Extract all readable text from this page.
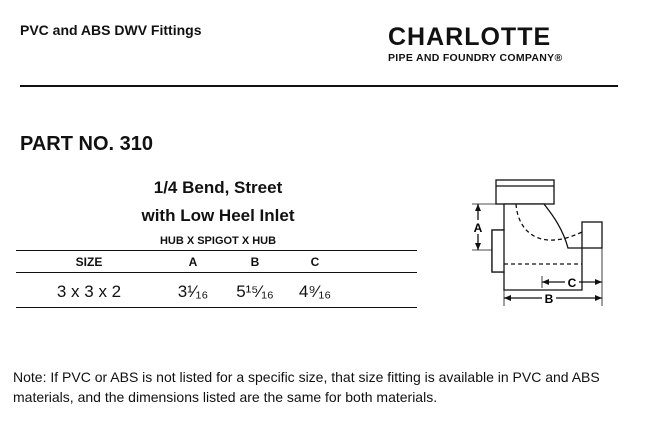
PVC and ABS DWV Fittings	CHARLOTTE
PIPE AND FOUNDRY COMPANY®
PART NO. 310
1/4 Bend, Street
with Low Heel Inlet
HUB X SPIGOT X HUB
SIZE	A	B	C
3 x 3 x 2	3¹⁄₁₆	5¹⁵⁄₁₆	4⁹⁄₁₆
A
B
C
Note: If PVC or ABS is not listed for a specific size, that size fitting is available in PVC and ABS materials, and the dimensions listed are the same for both materials.
